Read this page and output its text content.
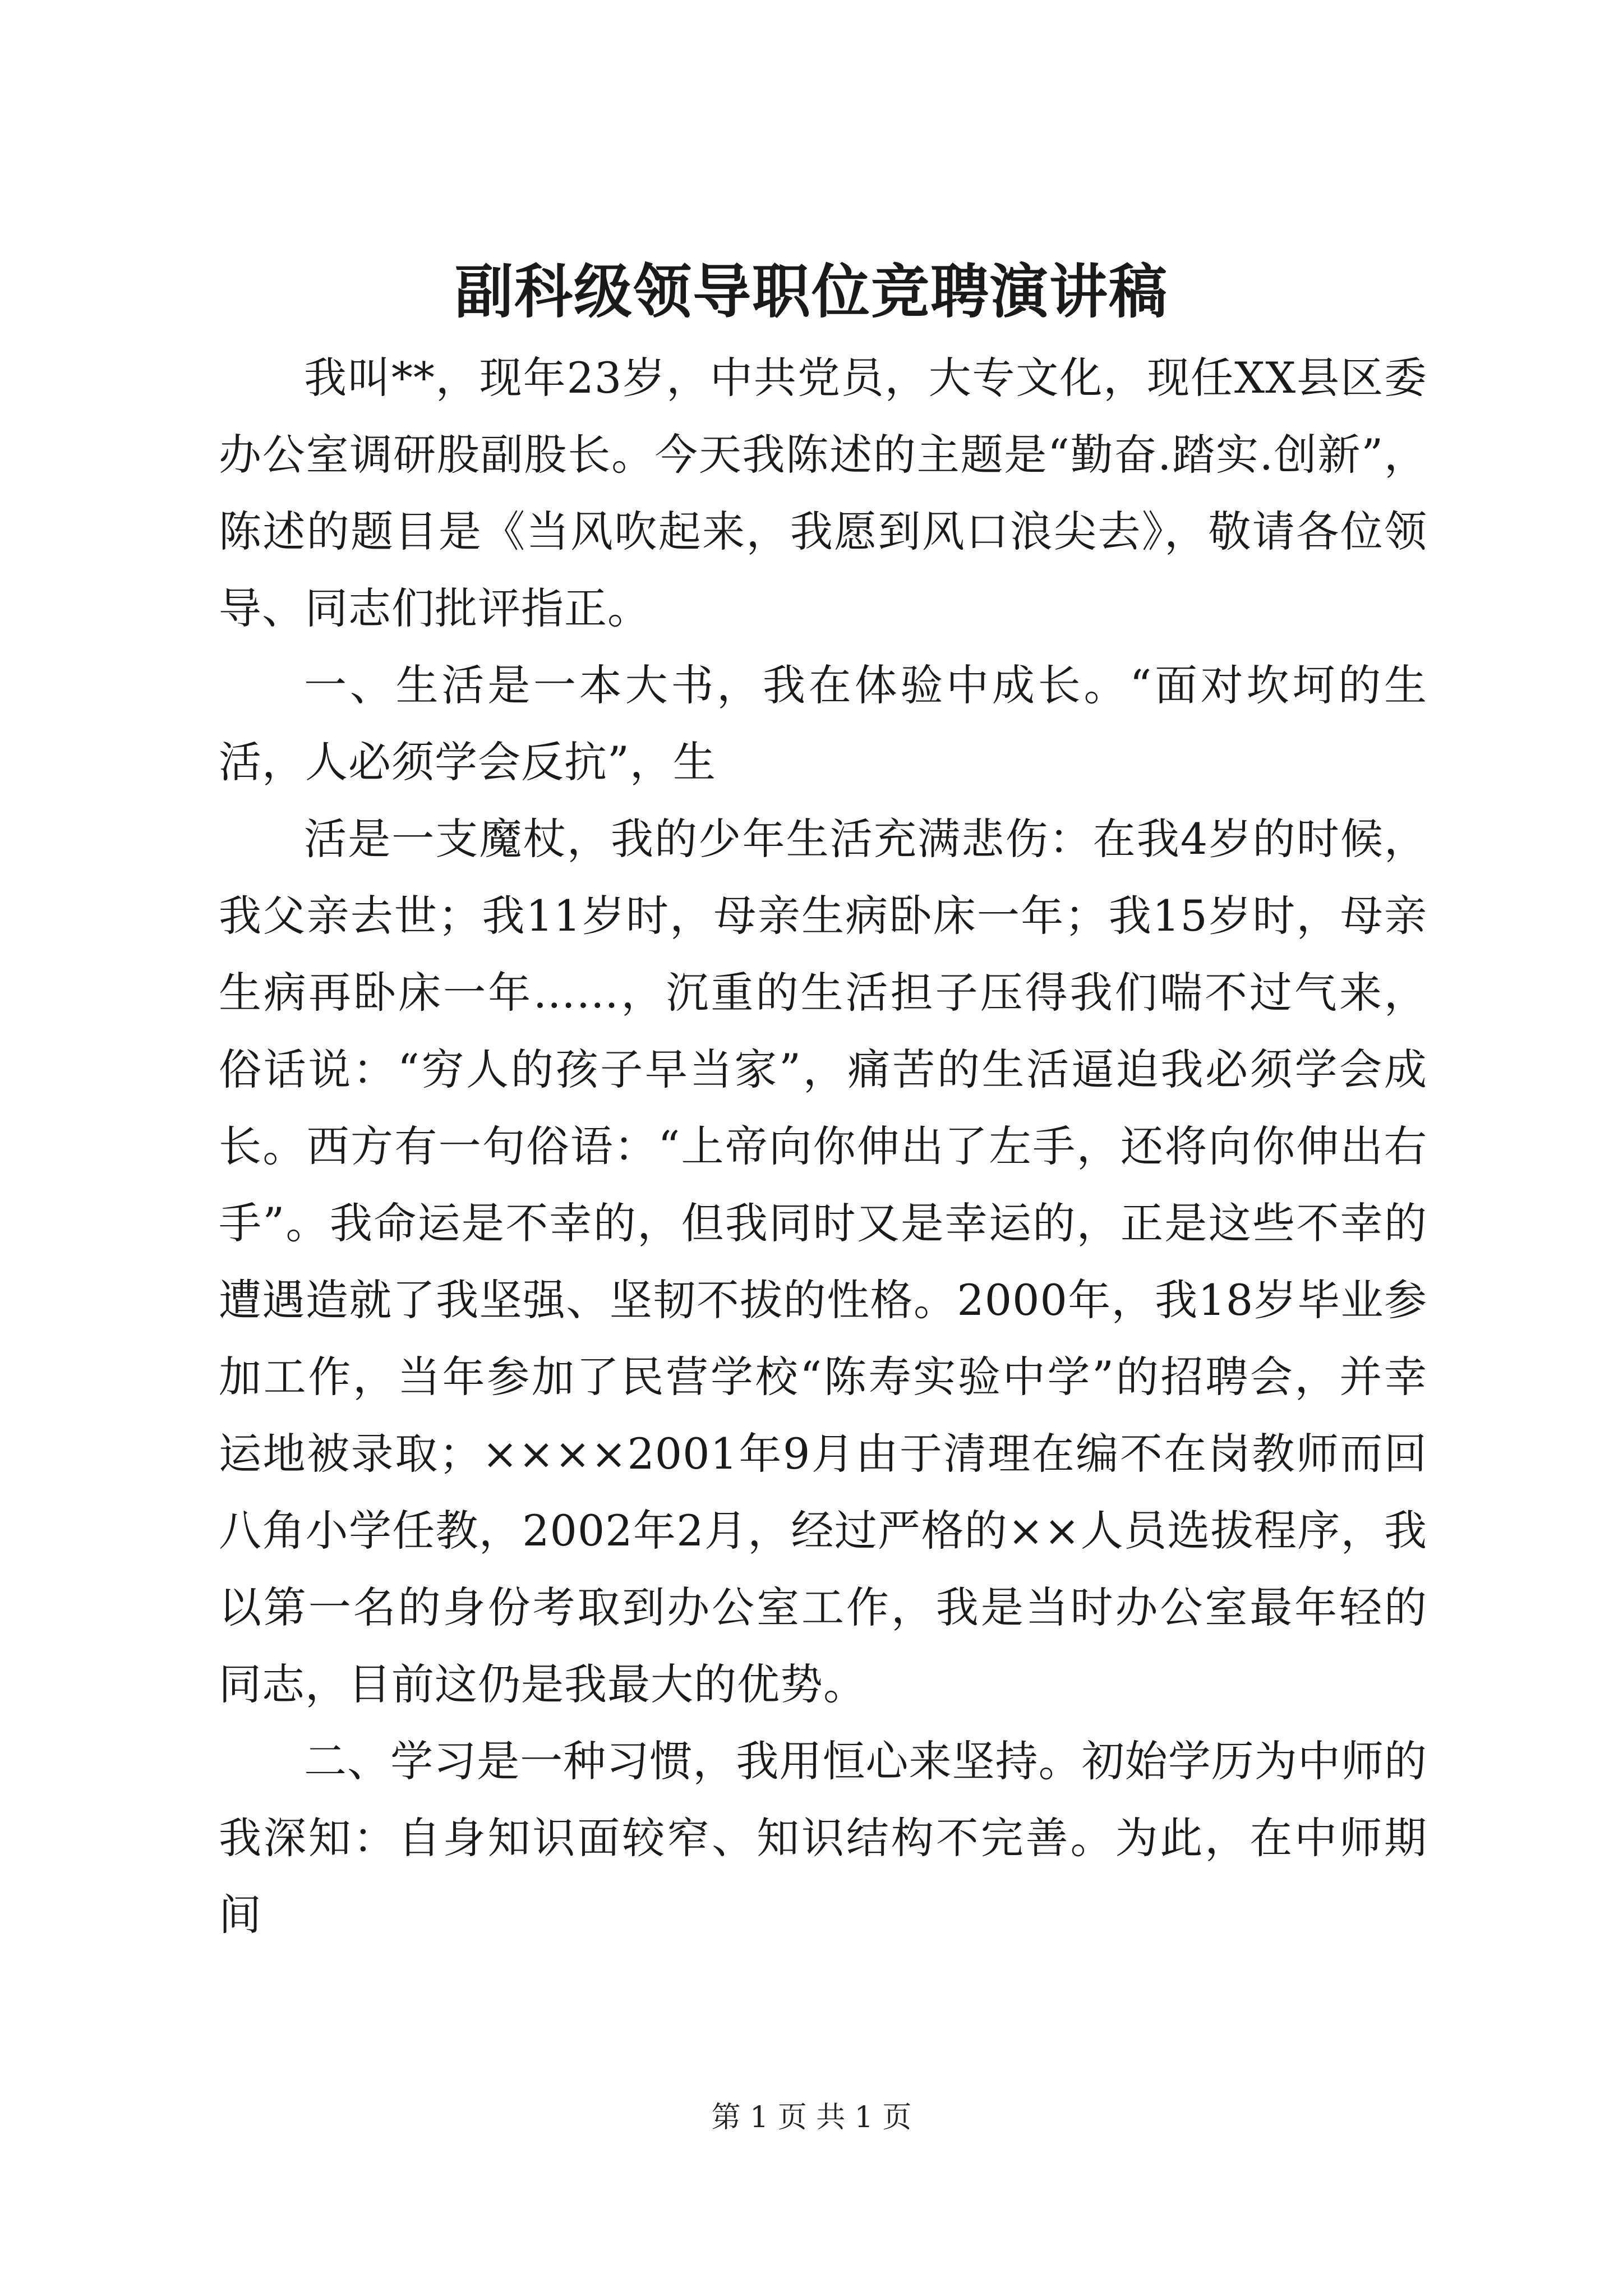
副科级领导职位竞聘演讲稿

我叫**，现年23岁，中共党员，大专文化，现任XX县区委办公室调研股副股长。今天我陈述的主题是“勤奋.踏实.创新”，陈述的题目是《当风吹起来，我愿到风口浪尖去》，敬请各位领导、同志们批评指正。

一、生活是一本大书，我在体验中成长。“面对坎坷的生活，人必须学会反抗”，生

活是一支魔杖，我的少年生活充满悲伤：在我4岁的时候，我父亲去世；我11岁时，母亲生病卧床一年；我15岁时，母亲生病再卧床一年……，沉重的生活担子压得我们喘不过气来，俗话说：“穷人的孩子早当家”，痛苦的生活逼迫我必须学会成长。西方有一句俗语：“上帝向你伸出了左手，还将向你伸出右手”。我命运是不幸的，但我同时又是幸运的，正是这些不幸的遭遇造就了我坚强、坚韧不拔的性格。2000年，我18岁毕业参加工作，当年参加了民营学校“陈寿实验中学”的招聘会，并幸运地被录取；××××2001年9月由于清理在编不在岗教师而回八角小学任教，2002年2月，经过严格的××人员选拔程序，我以第一名的身份考取到办公室工作，我是当时办公室最年轻的同志，目前这仍是我最大的优势。

二、学习是一种习惯，我用恒心来坚持。初始学历为中师的我深知：自身知识面较窄、知识结构不完善。为此，在中师期间

第 1 页 共 1 页
